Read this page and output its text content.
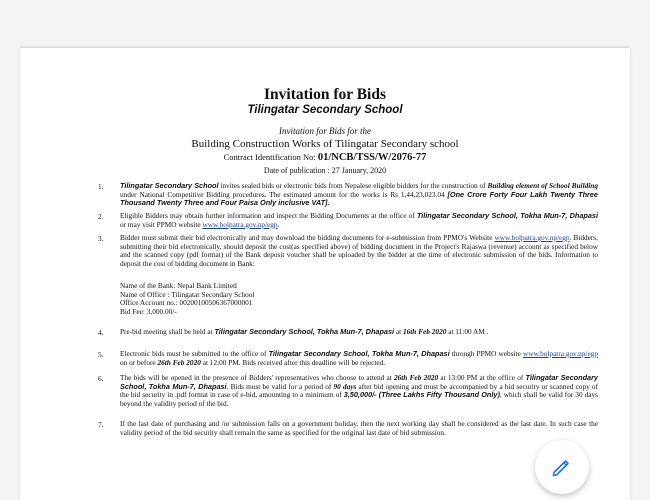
Invitation for Bids
Tilingatar Secondary School
Invitation for Bids for the
Building Construction Works of Tilingatar Secondary school
Contract Identification No: 01/NCB/TSS/W/2076-77
Date of publication : 27 January, 2020
1. Tilingatar Secondary School invites sealed bids or electronic bids from Nepalese eligible bidders for the construction of Building element of School Building under National Competitive Bidding procedures. The estimated amount for the works is Rs 1,44,23,023.04 [One Crore Forty Four Lakh Twenty Three Thousand Twenty Three and Four Paisa Only inclusive VAT].
2. Eligible Bidders may obtain further information and inspect the Bidding Documents at the office of Tilingatar Secondary School, Tokha Mun-7, Dhapasi or may visit PPMO website www.bolpatra.gov.np/egp.
3. Bidder must submit their bid electronically and may download the bidding documents for e-submission from PPMO's Website www.bolpatra.gov.np/egp. Bidders, submitting their bid electronically, should deposit the cost(as specified above) of bidding document in the Project's Rajaswa (revenue) account as specified below and the scanned copy (pdf format) of the Bank deposit voucher shall be uploaded by the bidder at the time of electronic submission of the bids. Information to deposit the cost of bidding document in Bank:
Name of the Bank: Nepal Bank Limited
Name of Office : Tilingatar Secondary School
Office Account no.: 00200100506367000001
Bid Fee: 3,000.00/-
4. Pre-bid meeting shall be held at Tilingatar Secondary School, Tokha Mun-7, Dhapasi at 16th Feb 2020 at 11:00 AM .
5. Electronic bids must be submitted to the office of Tilingatar Secondary School, Tokha Mun-7, Dhapasi through PPMO website www.bolpatra.gov.np/egp on or before 26th Feb 2020 at 12:00 PM. Bids received after this deadline will be rejected.
6. The bids will be opened in the presence of Bidders' representatives who choose to attend at 26th Feb 2020 at 13:00 PM at the office of Tilingatar Secondary School, Tokha Mun-7, Dhapasi. Bids must be valid for a period of 90 days after bid opening and must be accompanied by a bid security or scanned copy of the bid security in .pdf format in case of e-bid, amounting to a minimum of 3,50,000/- (Three Lakhs Fifty Thousand Only), which shall be valid for 30 days beyond the validity period of the bid.
7. If the last date of purchasing and /or submission falls on a government holiday, then the next working day shall be considered as the last date. In such case the validity period of the bid security shall remain the same as specified for the original last date of bid submission.
